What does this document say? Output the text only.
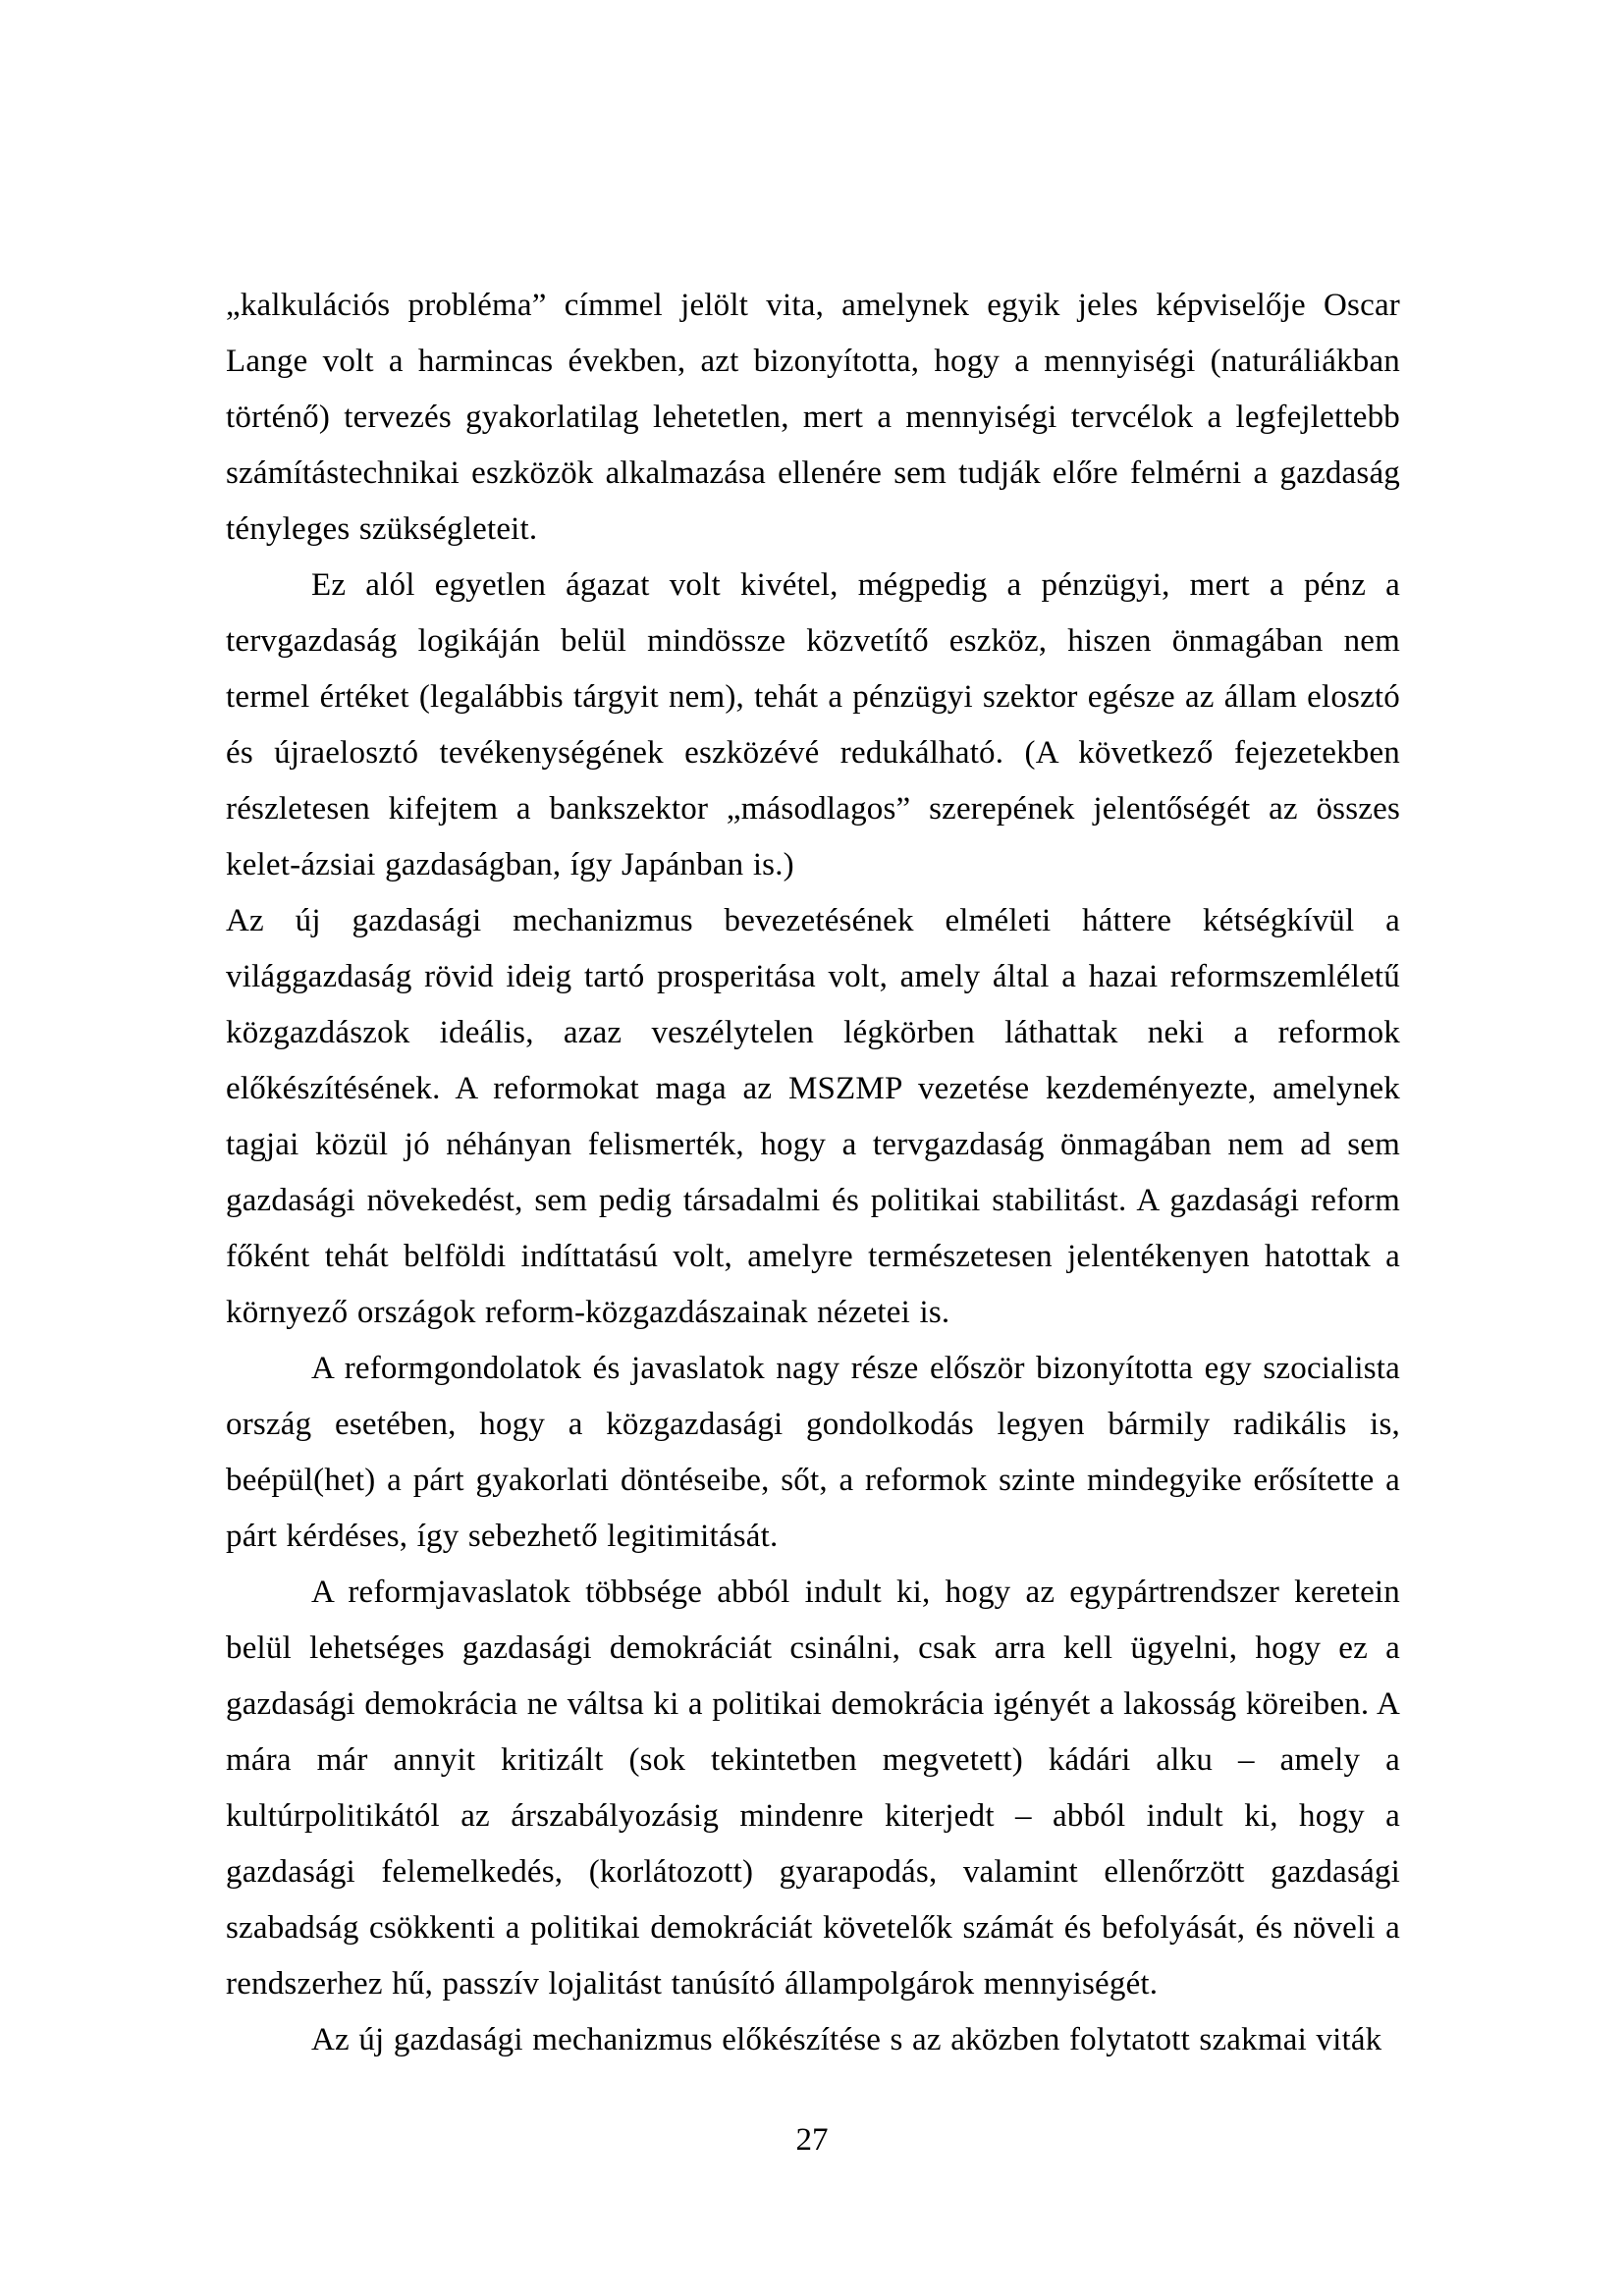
„kalkulációs probléma” címmel jelölt vita, amelynek egyik jeles képviselője Oscar Lange volt a harmincas években, azt bizonyította, hogy a mennyiségi (naturáliákban történő) tervezés gyakorlatilag lehetetlen, mert a mennyiségi tervcélok a legfejlettebb számítástechnikai eszközök alkalmazása ellenére sem tudják előre felmérni a gazdaság tényleges szükségleteit.

Ez alól egyetlen ágazat volt kivétel, mégpedig a pénzügyi, mert a pénz a tervgazdaság logikáján belül mindössze közvetítő eszköz, hiszen önmagában nem termel értéket (legalábbis tárgyit nem), tehát a pénzügyi szektor egésze az állam elosztó és újraelosztó tevékenységének eszközévé redukálható. (A következő fejezetekben részletesen kifejtem a bankszektor „másodlagos” szerepének jelentőségét az összes kelet-ázsiai gazdaságban, így Japánban is.)

Az új gazdasági mechanizmus bevezetésének elméleti háttere kétségkívül a világgazdaság rövid ideig tartó prosperitása volt, amely által a hazai reformszemléletű közgazdászok ideális, azaz veszélytelen légkörben láthattak neki a reformok előkészítésének. A reformokat maga az MSZMP vezetése kezdeményezte, amelynek tagjai közül jó néhányan felismerték, hogy a tervgazdaság önmagában nem ad sem gazdasági növekedést, sem pedig társadalmi és politikai stabilitást. A gazdasági reform főként tehát belföldi indíttatású volt, amelyre természetesen jelentékenyen hatottak a környező országok reform-közgazdászainak nézetei is.

A reformgondolatok és javaslatok nagy része először bizonyította egy szocialista ország esetében, hogy a közgazdasági gondolkodás legyen bármily radikális is, beépül(het) a párt gyakorlati döntéseibe, sőt, a reformok szinte mindegyike erősítette a párt kérdéses, így sebezhető legitimitását.

A reformjavaslatok többsége abból indult ki, hogy az egypártrendszer keretein belül lehetséges gazdasági demokráciát csinálni, csak arra kell ügyelni, hogy ez a gazdasági demokrácia ne váltsa ki a politikai demokrácia igényét a lakosság köreiben. A mára már annyit kritizált (sok tekintetben megvetett) kádári alku – amely a kultúrpolitikától az árszabályozásig mindenre kiterjedt – abból indult ki, hogy a gazdasági felemelkedés, (korlátozott) gyarapodás, valamint ellenőrzött gazdasági szabadság csökkenti a politikai demokráciát követelők számát és befolyását, és növeli a rendszerhez hű, passzív lojalitást tanúsító állampolgárok mennyiségét.

Az új gazdasági mechanizmus előkészítése s az aközben folytatott szakmai viták

27
